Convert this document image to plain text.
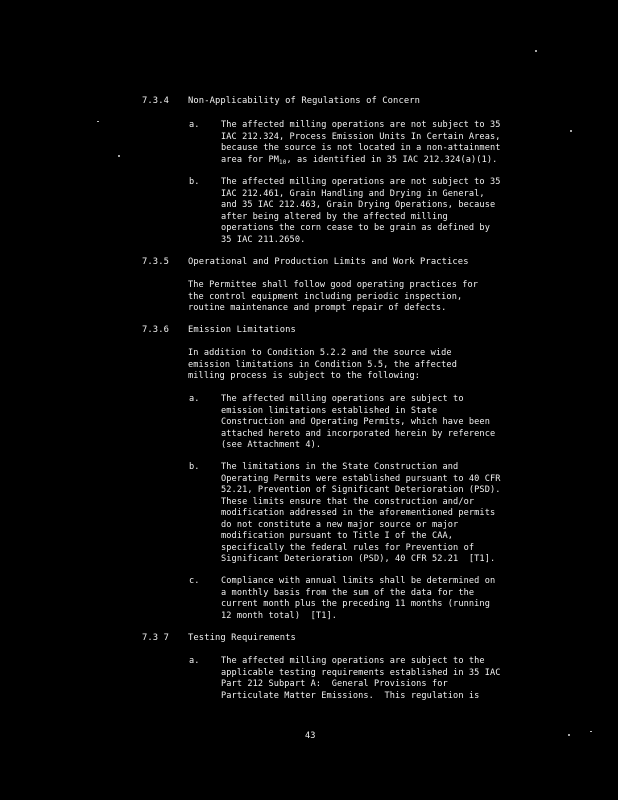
7.3.4 Non-Applicability of Regulations of Concern
a. The affected milling operations are not subject to 35
IAC 212.324, Process Emission Units In Certain Areas,
because the source is not located in a non-attainment
area for $PM_{10}$, as identified in 35 IAC 212.324(a)(1).
b. The affected milling operations are not subject to 35
IAC 212.461, Grain Handling and Drying in General,
and 35 IAC 212.463, Grain Drying Operations, because
after being altered by the affected milling
operations the corn cease to be grain as defined by
35 IAC 211.2650.
7.3.5 Operational and Production Limits and Work Practices
The Permittee shall follow good operating practices for
the control equipment including periodic inspection,
routine maintenance and prompt repair of defects.
7.3.6 Emission Limitations
In addition to Condition 5.2.2 and the source wide
emission limitations in Condition 5.5, the affected
milling process is subject to the following:
a. The affected milling operations are subject to
emission limitations established in State
Construction and Operating Permits, which have been
attached hereto and incorporated herein by reference
(see Attachment 4).
b. The limitations in the State Construction and
Operating Permits were established pursuant to 40 CFR
52.21, Prevention of Significant Deterioration (PSD).
These limits ensure that the construction and/or
modification addressed in the aforementioned permits
do not constitute a new major source or major
modification pursuant to Title I of the CAA,
specifically the federal rules for Prevention of
Significant Deterioration (PSD), 40 CFR 52.21  [T1].
c. Compliance with annual limits shall be determined on
a monthly basis from the sum of the data for the
current month plus the preceding 11 months (running
12 month total)  [T1].
7.3 7 Testing Requirements
a. The affected milling operations are subject to the
applicable testing requirements established in 35 IAC
Part 212 Subpart A:  General Provisions for
Particulate Matter Emissions.  This regulation is
43
